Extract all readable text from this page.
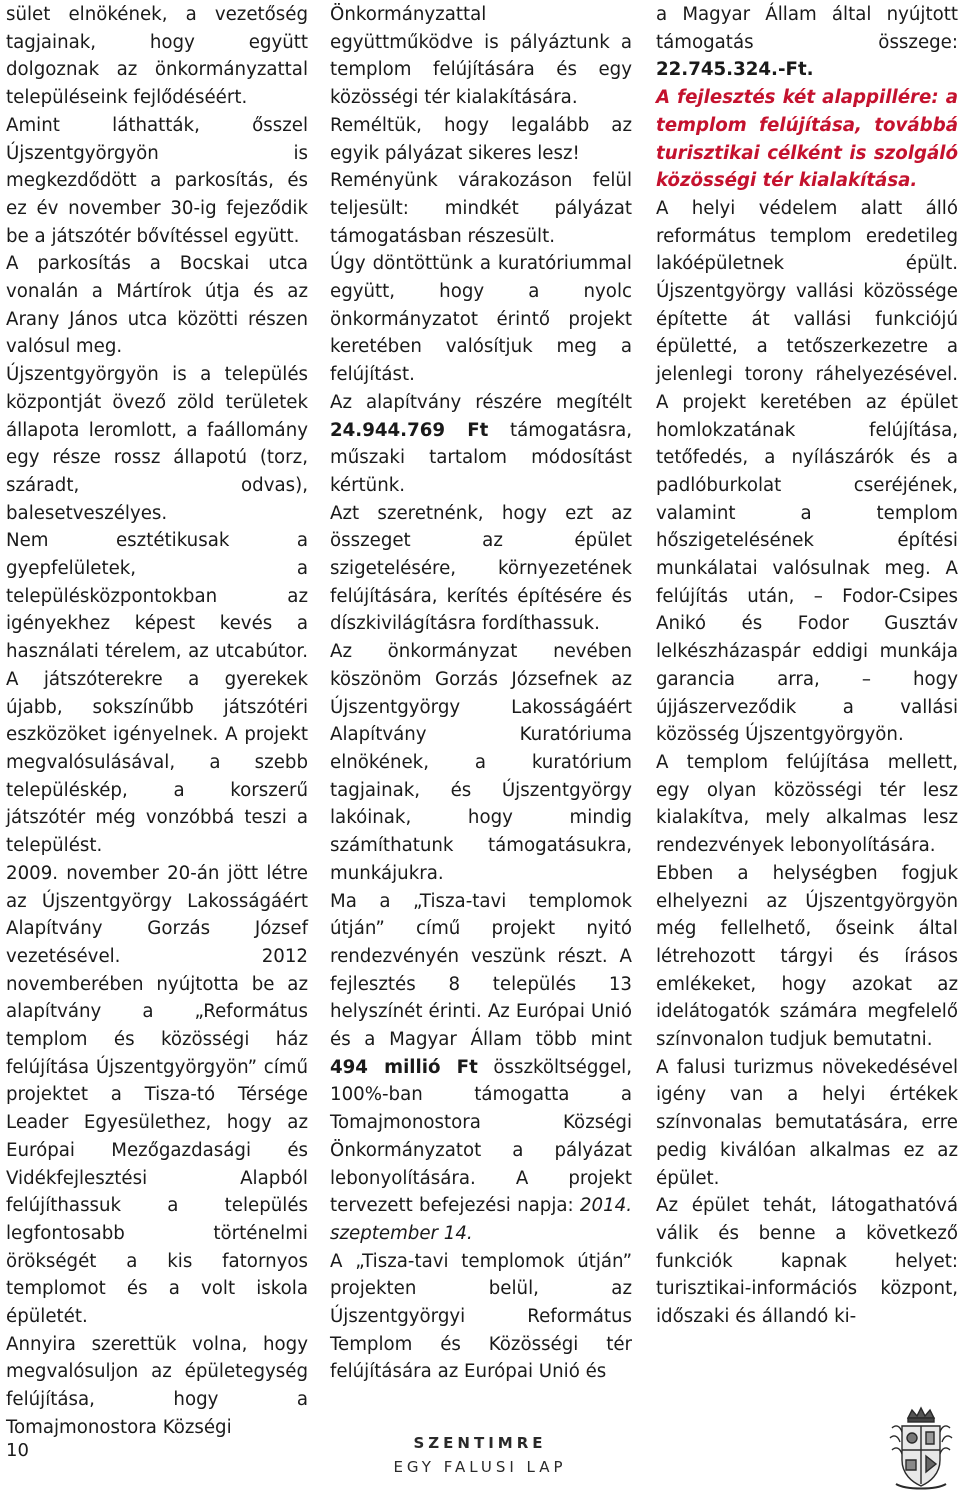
sület elnökének, a vezetőség tagjainak, hogy együtt dolgoznak az önkormányzattal településeink fejlődéséért.

Amint láthatták, ősszel Újszentgyörgyön is megkezdődött a parkosítás, és ez év november 30-ig fejeződik be a játszótér bővítéssel együtt.

A parkosítás a Bocskai utca vonalán a Mártírok útja és az Arany János utca közötti részen valósul meg.

Újszentgyörgyön is a település központját övező zöld területek állapota leromlott, a faállomány egy része rossz állapotú (torz, száradt, odvas), balesetveszélyes.

Nem esztétikusak a gyepfelületek, a településközpontokban az igényekhez képest kevés a használati térelem, az utcabútor. A játszóterekre a gyerekek újabb, sokszínűbb játszótéri eszközöket igényelnek. A projekt megvalósulásával, a szebb településkép, a korszerű játszótér még vonzóbbá teszi a települést.

2009. november 20-án jött létre az Újszentgyörgy Lakosságáért Alapítvány Gorzás József vezetésével. 2012 novemberében nyújtotta be az alapítvány a „Református templom és közösségi ház felújítása Újszentgyörgyön” című projektet a Tisza-tó Térsége Leader Egyesülethez, hogy az Európai Mezőgazdasági és Vidékfejlesztési Alapból felújíthassuk a település legfontosabb történelmi örökségét a kis fatornyos templomot és a volt iskola épületét.

Annyira szerettük volna, hogy megvalósuljon az épületegység felújítása, hogy a Tomajmonostora Községi

Önkormányzattal együttműködve is pályáztunk a templom felújítására és egy közösségi tér kialakítására.

Reméltük, hogy legalább az egyik pályázat sikeres lesz!

Reményünk várakozáson felül teljesült: mindkét pályázat támogatásban részesült.

Úgy döntöttünk a kuratóriummal együtt, hogy a nyolc önkormányzatot érintő projekt keretében valósítjuk meg a felújítást.

Az alapítvány részére megítélt 24.944.769 Ft támogatásra, műszaki tartalom módosítást kértünk.

Azt szeretnénk, hogy ezt az összeget az épület szigetelésére, környezetének felújítására, kerítés építésére és díszkivilágításra fordíthassuk.

Az önkormányzat nevében köszönöm Gorzás Józsefnek az Újszentgyörgy Lakosságáért Alapítvány Kuratóriuma elnökének, a kuratórium tagjainak, és Újszentgyörgy lakóinak, hogy mindig számíthatunk támogatásukra, munkájukra.

Ma a „Tisza-tavi templomok útján” című projekt nyitó rendezvényén veszünk részt. A fejlesztés 8 település 13 helyszínét érinti. Az Európai Unió és a Magyar Állam több mint 494 millió Ft összköltséggel, 100%-ban támogatta a Tomajmonostora Községi Önkormányzatot a pályázat lebonyolítására. A projekt tervezett befejezési napja: 2014. szeptember 14.

A „Tisza-tavi templomok útján” projekten belül, az Újszentgyörgyi Református Templom és Közösségi tér felújítására az Európai Unió és

a Magyar Állam által nyújtott támogatás összege: 22.745.324.-Ft.

A fejlesztés két alappillére: a templom felújítása, továbbá turisztikai célként is szolgáló közösségi tér kialakítása.

A helyi védelem alatt álló református templom eredetileg lakóépületnek épült. Újszentgyörgy vallási közössége építette át vallási funkciójú épületté, a tetőszerkezetre a jelenlegi torony ráhelyezésével. A projekt keretében az épület homlokzatának felújítása, tetőfedés, a nyílászárók és a padlóburkolat cseréjének, valamint a templom hőszigetelésének építési munkálatai valósulnak meg. A felújítás után, – Fodor-Csipes Anikó és Fodor Gusztáv lelkészházaspár eddigi munkája garancia arra, – hogy újjászerveződik a vallási közösség Újszentgyörgyön.

A templom felújítása mellett, egy olyan közösségi tér lesz kialakítva, mely alkalmas lesz rendezvények lebonyolítására.

Ebben a helységben fogjuk elhelyezni az Újszentgyörgyön még fellelhető, őseink által létrehozott tárgyi és írásos emlékeket, hogy azokat az idelátogatók számára megfelelő színvonalon tudjuk bemutatni.

A falusi turizmus növekedésével igény van a helyi értékek színvonalas bemutatására, erre pedig kiválóan alkalmas ez az épület.

Az épület tehát, látogathatóvá válik és benne a következő funkciók kapnak helyet: turisztikai-információs központ, időszaki és állandó ki-

10	SZENTIMRE
EGY FALUSI LAP
